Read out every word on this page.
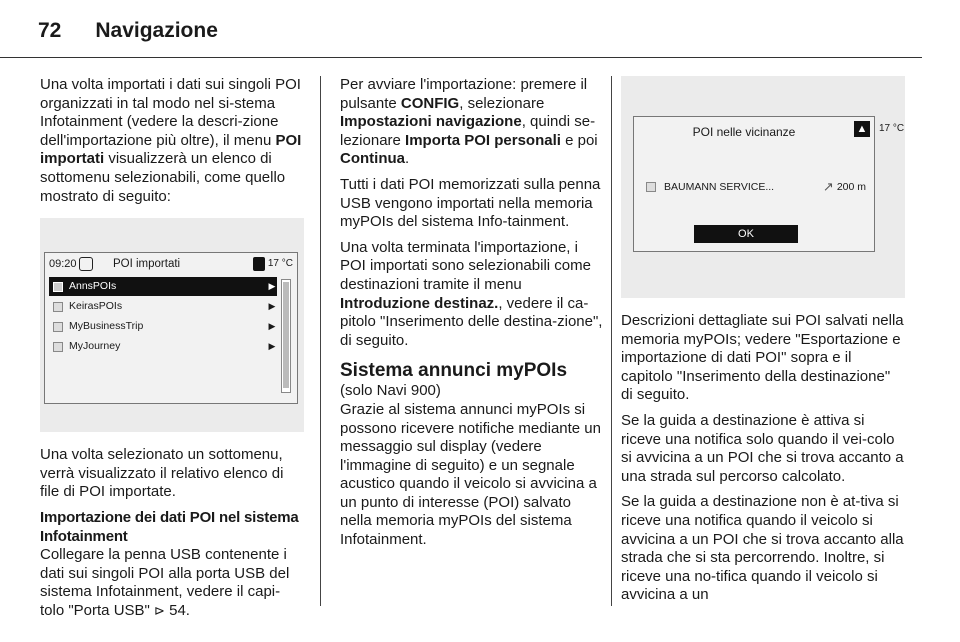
72 Navigazione

Una volta importati i dati sui singoli POI organizzati in tal modo nel si-stema Infotainment (vedere la descri-zione dell'importazione più oltre), il menu POI importati visualizzerà un elenco di sottomenu selezionabili, come quello mostrato di seguito:

09:20	POI importati	17 °C
AnnsPOIs	▶
KeirasPOIs	▶
MyBusinessTrip	▶
MyJourney	▶

Una volta selezionato un sottomenu, verrà visualizzato il relativo elenco di file di POI importate.

Importazione dei dati POI nel sistema Infotainment

Collegare la penna USB contenente i dati sui singoli POI alla porta USB del sistema Infotainment, vedere il capi-tolo "Porta USB" ⊳ 54.

Per avviare l'importazione: premere il pulsante CONFIG, selezionare Impostazioni navigazione, quindi se-lezionare Importa POI personali e poi Continua.

Tutti i dati POI memorizzati sulla penna USB vengono importati nella memoria myPOIs del sistema Info-tainment.

Una volta terminata l'importazione, i POI importati sono selezionabili come destinazioni tramite il menu Introduzione destinaz., vedere il ca-pitolo "Inserimento delle destina-zione", di seguito.

Sistema annunci myPOIs
(solo Navi 900)

Grazie al sistema annunci myPOIs si possono ricevere notifiche mediante un messaggio sul display (vedere l'immagine di seguito) e un segnale acustico quando il veicolo si avvicina a un punto di interesse (POI) salvato nella memoria myPOIs del sistema Infotainment.

POI nelle vicinanze	▲
BAUMANN SERVICE...	↗ 200 m
OK
17 °C

Descrizioni dettagliate sui POI salvati nella memoria myPOIs; vedere "Esportazione e importazione di dati POI" sopra e il capitolo "Inserimento della destinazione" di seguito.

Se la guida a destinazione è attiva si riceve una notifica solo quando il vei-colo si avvicina a un POI che si trova accanto a una strada sul percorso calcolato.

Se la guida a destinazione non è at-tiva si riceve una notifica quando il veicolo si avvicina a un POI che si trova accanto alla strada che si sta percorrendo. Inoltre, si riceve una no-tifica quando il veicolo si avvicina a un
